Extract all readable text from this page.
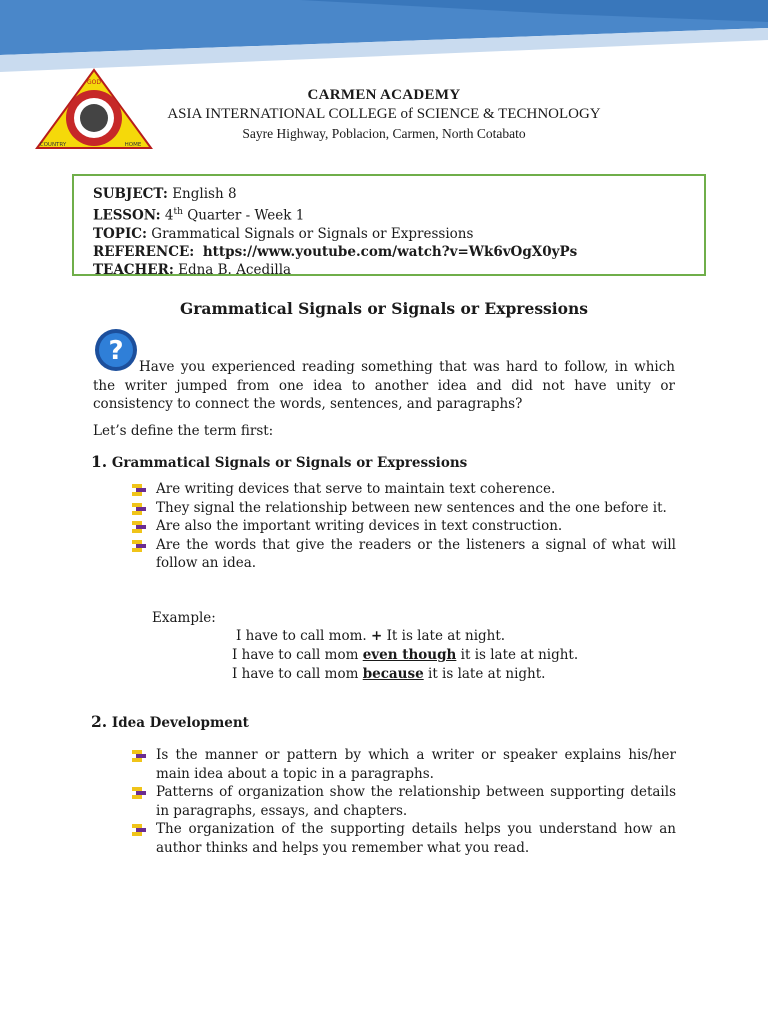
GOD
COUNTRY	HOME
CARMEN ACADEMY
ASIA INTERNATIONAL COLLEGE of SCIENCE & TECHNOLOGY
Sayre Highway, Poblacion, Carmen, North Cotabato
SUBJECT: English 8
LESSON: 4th Quarter - Week 1
TOPIC: Grammatical Signals or Signals or Expressions
REFERENCE: https://www.youtube.com/watch?v=Wk6vOgX0yPs
TEACHER: Edna B. Acedilla
Grammatical Signals or Signals or Expressions
?
Have you experienced reading something that was hard to follow, in which the writer jumped from one idea to another idea and did not have unity or consistency to connect the words, sentences, and paragraphs?
Let’s define the term first:
1. Grammatical Signals or Signals or Expressions
Are writing devices that serve to maintain text coherence.
They signal the relationship between new sentences and the one before it.
Are also the important writing devices in text construction.
Are the words that give the readers or the listeners a signal of what will follow an idea.
Example:
I have to call mom. + It is late at night.
I have to call mom even though it is late at night.
I have to call mom because it is late at night.
2. Idea Development
Is the manner or pattern by which a writer or speaker explains his/her main idea about a topic in a paragraphs.
Patterns of organization show the relationship between supporting details in paragraphs, essays, and chapters.
The organization of the supporting details helps you understand how an author thinks and helps you remember what you read.
